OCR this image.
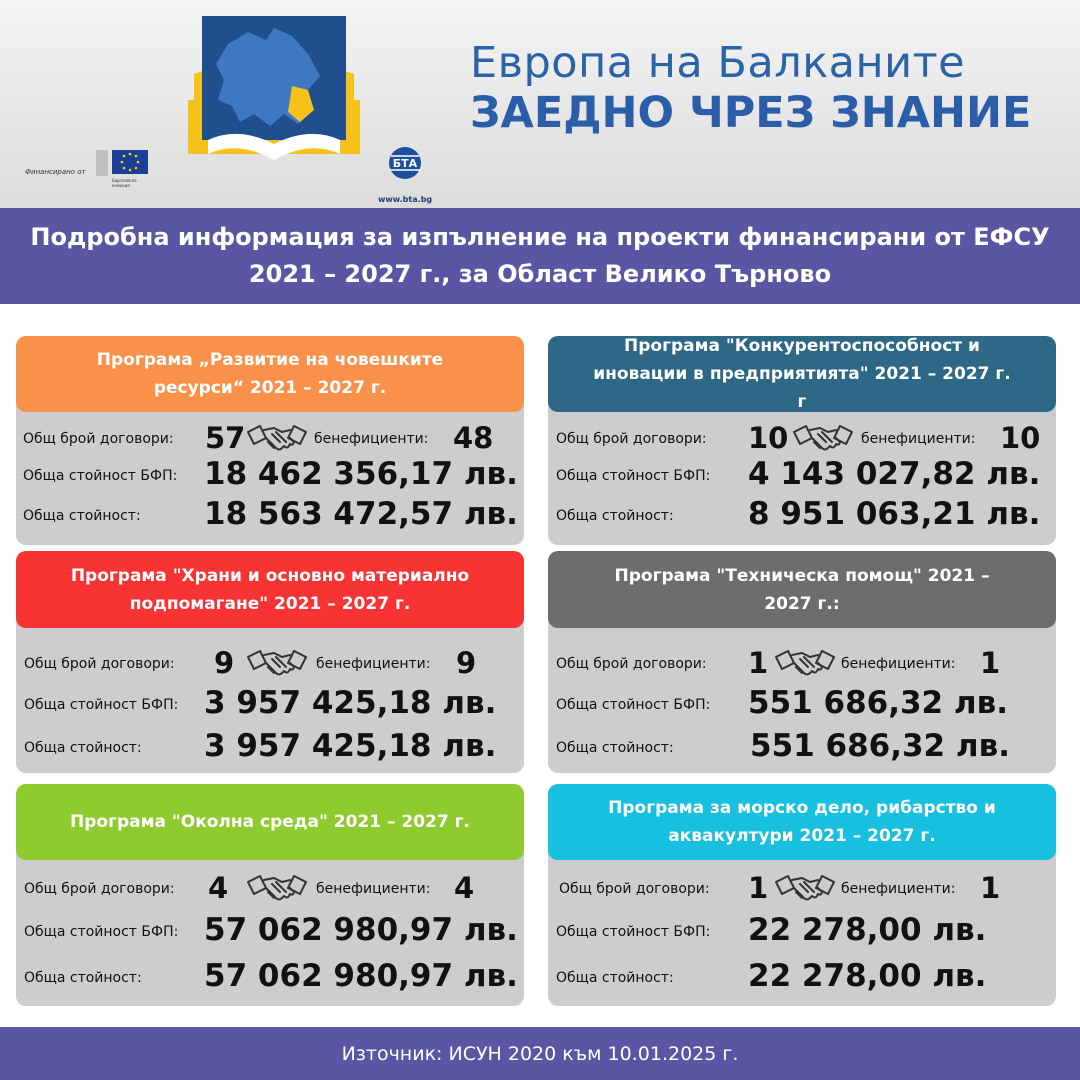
Европа на Балканите
ЗАЕДНО ЧРЕЗ ЗНАНИЕ
Финансирано от
Европейска комисия
БТА
www.bta.bg
Подробна информация за изпълнение на проекти финансирани от ЕФСУ 2021 – 2027 г., за Област Велико Търново
Програма „Развитие на човешките ресурси“ 2021 – 2027 г.
Общ брой договори: 57	бенефициенти: 48
Обща стойност БФП: 18 462 356,17 лв.
Обща стойност: 18 563 472,57 лв.
Програма "Конкурентоспособност и иновации в предприятията" 2021 – 2027 г. г
Общ брой договори: 10	бенефициенти: 10
Обща стойност БФП: 4 143 027,82 лв.
Обща стойност: 8 951 063,21 лв.
Програма "Храни и основно материално подпомагане" 2021 – 2027 г.
Общ брой договори: 9	бенефициенти: 9
Обща стойност БФП: 3 957 425,18 лв.
Обща стойност: 3 957 425,18 лв.
Програма "Техническа помощ" 2021 – 2027 г.:
Общ брой договори: 1	бенефициенти: 1
Обща стойност БФП: 551 686,32 лв.
Обща стойност: 551 686,32 лв.
Програма "Околна среда" 2021 – 2027 г.
Общ брой договори: 4	бенефициенти: 4
Обща стойност БФП: 57 062 980,97 лв.
Обща стойност: 57 062 980,97 лв.
Програма за морско дело, рибарство и аквакултури 2021 – 2027 г.
Общ брой договори: 1	бенефициенти: 1
Обща стойност БФП: 22 278,00 лв.
Обща стойност: 22 278,00 лв.
Източник: ИСУН 2020 към 10.01.2025 г.
